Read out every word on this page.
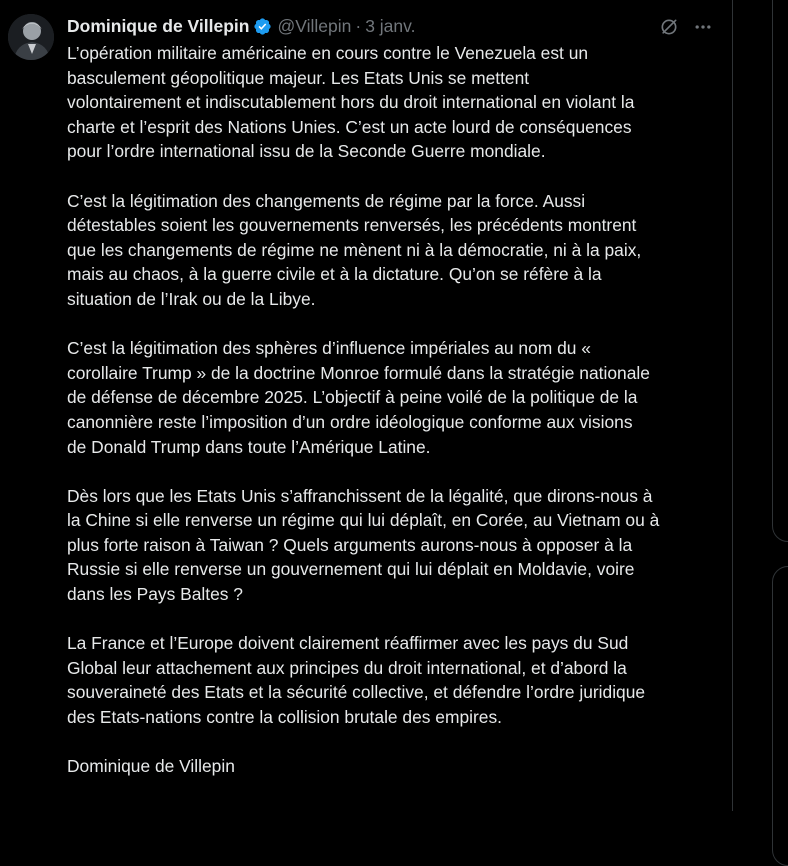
Dominique de Villepin @Villepin · 3 janv.

L’opération militaire américaine en cours contre le Venezuela est un
basculement géopolitique majeur. Les Etats Unis se mettent
volontairement et indiscutablement hors du droit international en violant la
charte et l’esprit des Nations Unies. C’est un acte lourd de conséquences
pour l’ordre international issu de la Seconde Guerre mondiale.

C’est la légitimation des changements de régime par la force. Aussi
détestables soient les gouvernements renversés, les précédents montrent
que les changements de régime ne mènent ni à la démocratie, ni à la paix,
mais au chaos, à la guerre civile et à la dictature. Qu’on se réfère à la
situation de l’Irak ou de la Libye.

C’est la légitimation des sphères d’influence impériales au nom du «
corollaire Trump » de la doctrine Monroe formulé dans la stratégie nationale
de défense de décembre 2025. L’objectif à peine voilé de la politique de la
canonnière reste l’imposition d’un ordre idéologique conforme aux visions
de Donald Trump dans toute l’Amérique Latine.

Dès lors que les Etats Unis s’affranchissent de la légalité, que dirons-nous à
la Chine si elle renverse un régime qui lui déplaît, en Corée, au Vietnam ou à
plus forte raison à Taiwan ? Quels arguments aurons-nous à opposer à la
Russie si elle renverse un gouvernement qui lui déplait en Moldavie, voire
dans les Pays Baltes ?

La France et l’Europe doivent clairement réaffirmer avec les pays du Sud
Global leur attachement aux principes du droit international, et d’abord la
souveraineté des Etats et la sécurité collective, et défendre l’ordre juridique
des Etats-nations contre la collision brutale des empires.

Dominique de Villepin
